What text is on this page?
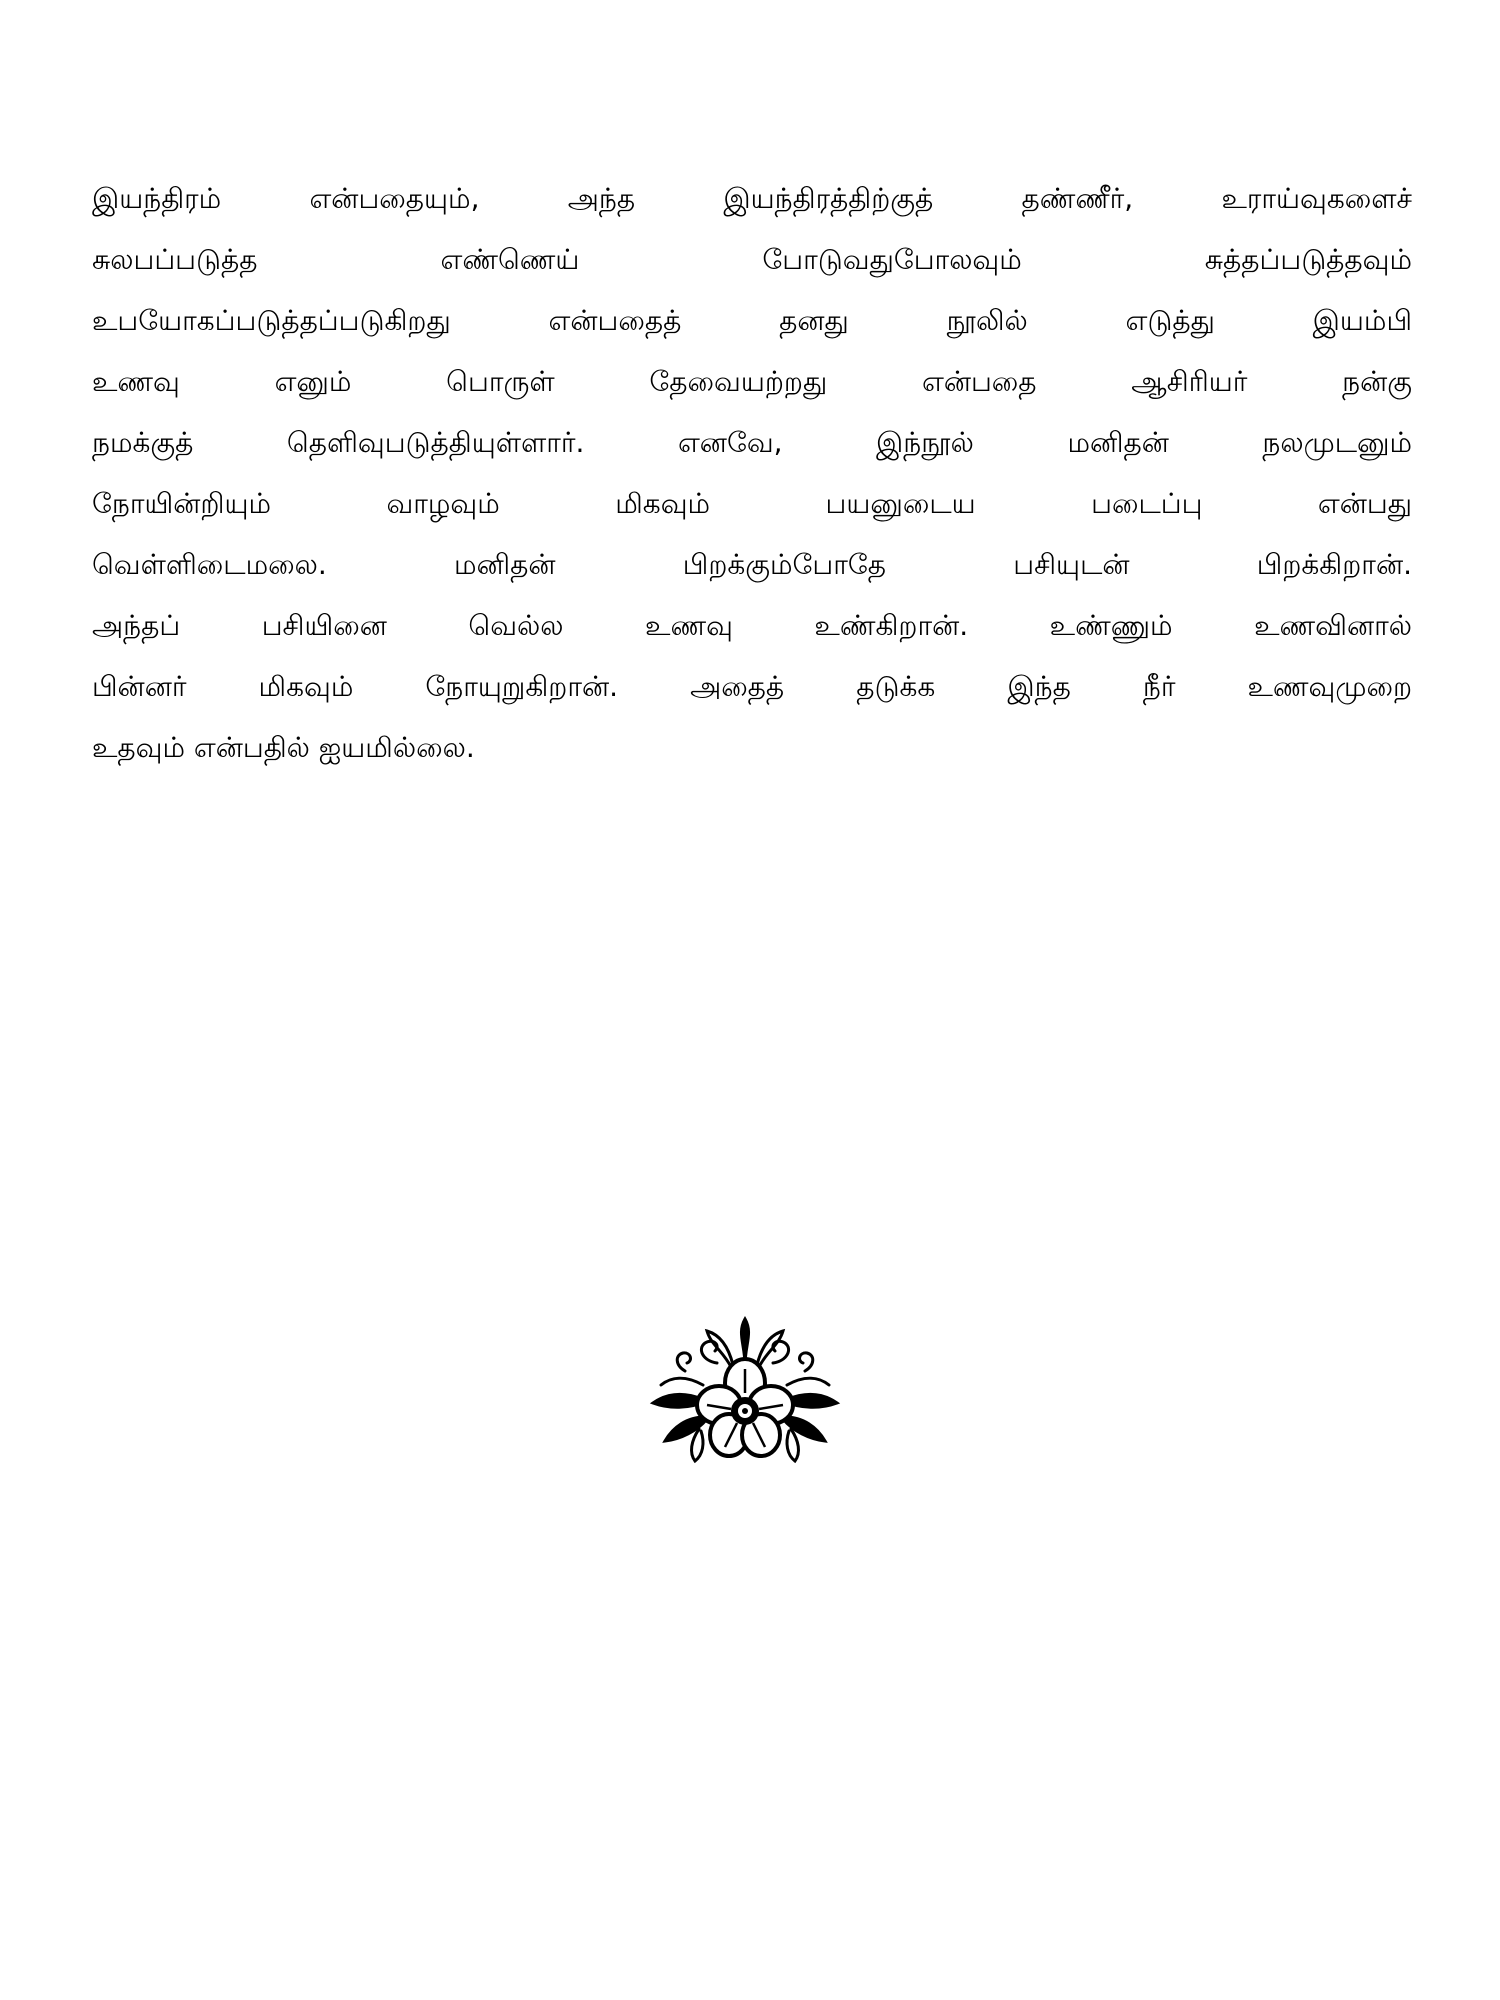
இயந்திரம் என்பதையும், அந்த இயந்திரத்திற்குத் தண்ணீர், உராய்வுகளைச்
சுலபப்படுத்த எண்ணெய் போடுவதுபோலவும் சுத்தப்படுத்தவும்
உபயோகப்படுத்தப்படுகிறது என்பதைத் தனது நூலில் எடுத்து இயம்பி
உணவு எனும் பொருள் தேவையற்றது என்பதை ஆசிரியர் நன்கு
நமக்குத் தெளிவுபடுத்தியுள்ளார். எனவே, இந்நூல் மனிதன் நலமுடனும்
நோயின்றியும் வாழவும் மிகவும் பயனுடைய படைப்பு என்பது
வெள்ளிடைமலை. மனிதன் பிறக்கும்போதே பசியுடன் பிறக்கிறான்.
அந்தப் பசியினை வெல்ல உணவு உண்கிறான். உண்ணும் உணவினால்
பின்னர் மிகவும் நோயுறுகிறான். அதைத் தடுக்க இந்த நீர் உணவுமுறை
உதவும் என்பதில் ஐயமில்லை.
